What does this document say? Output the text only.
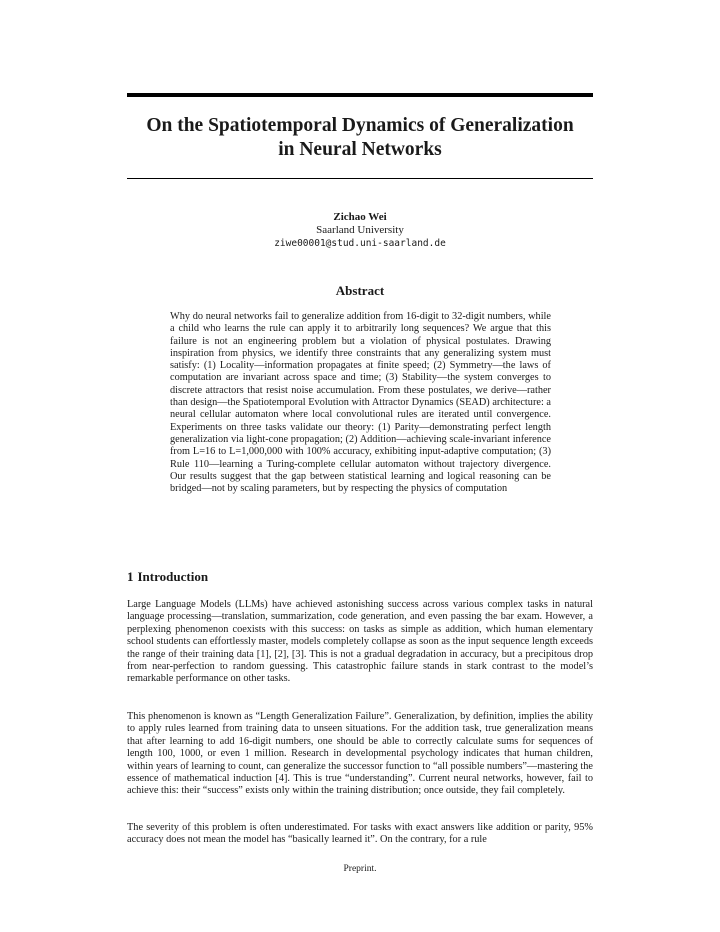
On the Spatiotemporal Dynamics of Generalization
in Neural Networks
Zichao Wei
Saarland University
ziwe00001@stud.uni-saarland.de
Abstract

Why do neural networks fail to generalize addition from 16-digit to 32-digit numbers, while a child who learns the rule can apply it to arbitrarily long sequences? We argue that this failure is not an engineering problem but a violation of physical postulates. Drawing inspiration from physics, we identify three constraints that any generalizing system must satisfy: (1) Locality—information propagates at finite speed; (2) Symmetry—the laws of computation are invariant across space and time; (3) Stability—the system converges to discrete attractors that resist noise accumulation. From these postulates, we derive—rather than design—the Spatiotemporal Evolution with Attractor Dynamics (SEAD) architecture: a neural cellular automaton where local convolutional rules are iterated until convergence. Experiments on three tasks validate our theory: (1) Parity—demonstrating perfect length generalization via light-cone propagation; (2) Addition—achieving scale-invariant inference from L=16 to L=1,000,000 with 100% accuracy, exhibiting input-adaptive computation; (3) Rule 110—learning a Turing-complete cellular automaton without trajectory divergence. Our results suggest that the gap between statistical learning and logical reasoning can be bridged—not by scaling parameters, but by respecting the physics of computation

1 Introduction

Large Language Models (LLMs) have achieved astonishing success across various complex tasks in natural language processing—translation, summarization, code generation, and even passing the bar exam. However, a perplexing phenomenon coexists with this success: on tasks as simple as addition, which human elementary school students can effortlessly master, models completely collapse as soon as the input sequence length exceeds the range of their training data [1], [2], [3]. This is not a gradual degradation in accuracy, but a precipitous drop from near-perfection to random guessing. This catastrophic failure stands in stark contrast to the model’s remarkable performance on other tasks.

This phenomenon is known as “Length Generalization Failure”. Generalization, by definition, implies the ability to apply rules learned from training data to unseen situations. For the addition task, true generalization means that after learning to add 16-digit numbers, one should be able to correctly calculate sums for sequences of length 100, 1000, or even 1 million. Research in developmental psychology indicates that human children, within years of learning to count, can generalize the successor function to “all possible numbers”—mastering the essence of mathematical induction [4]. This is true “understanding”. Current neural networks, however, fail to achieve this: their “success” exists only within the training distribution; once outside, they fail completely.

The severity of this problem is often underestimated. For tasks with exact answers like addition or parity, 95% accuracy does not mean the model has “basically learned it”. On the contrary, for a rule

Preprint.
